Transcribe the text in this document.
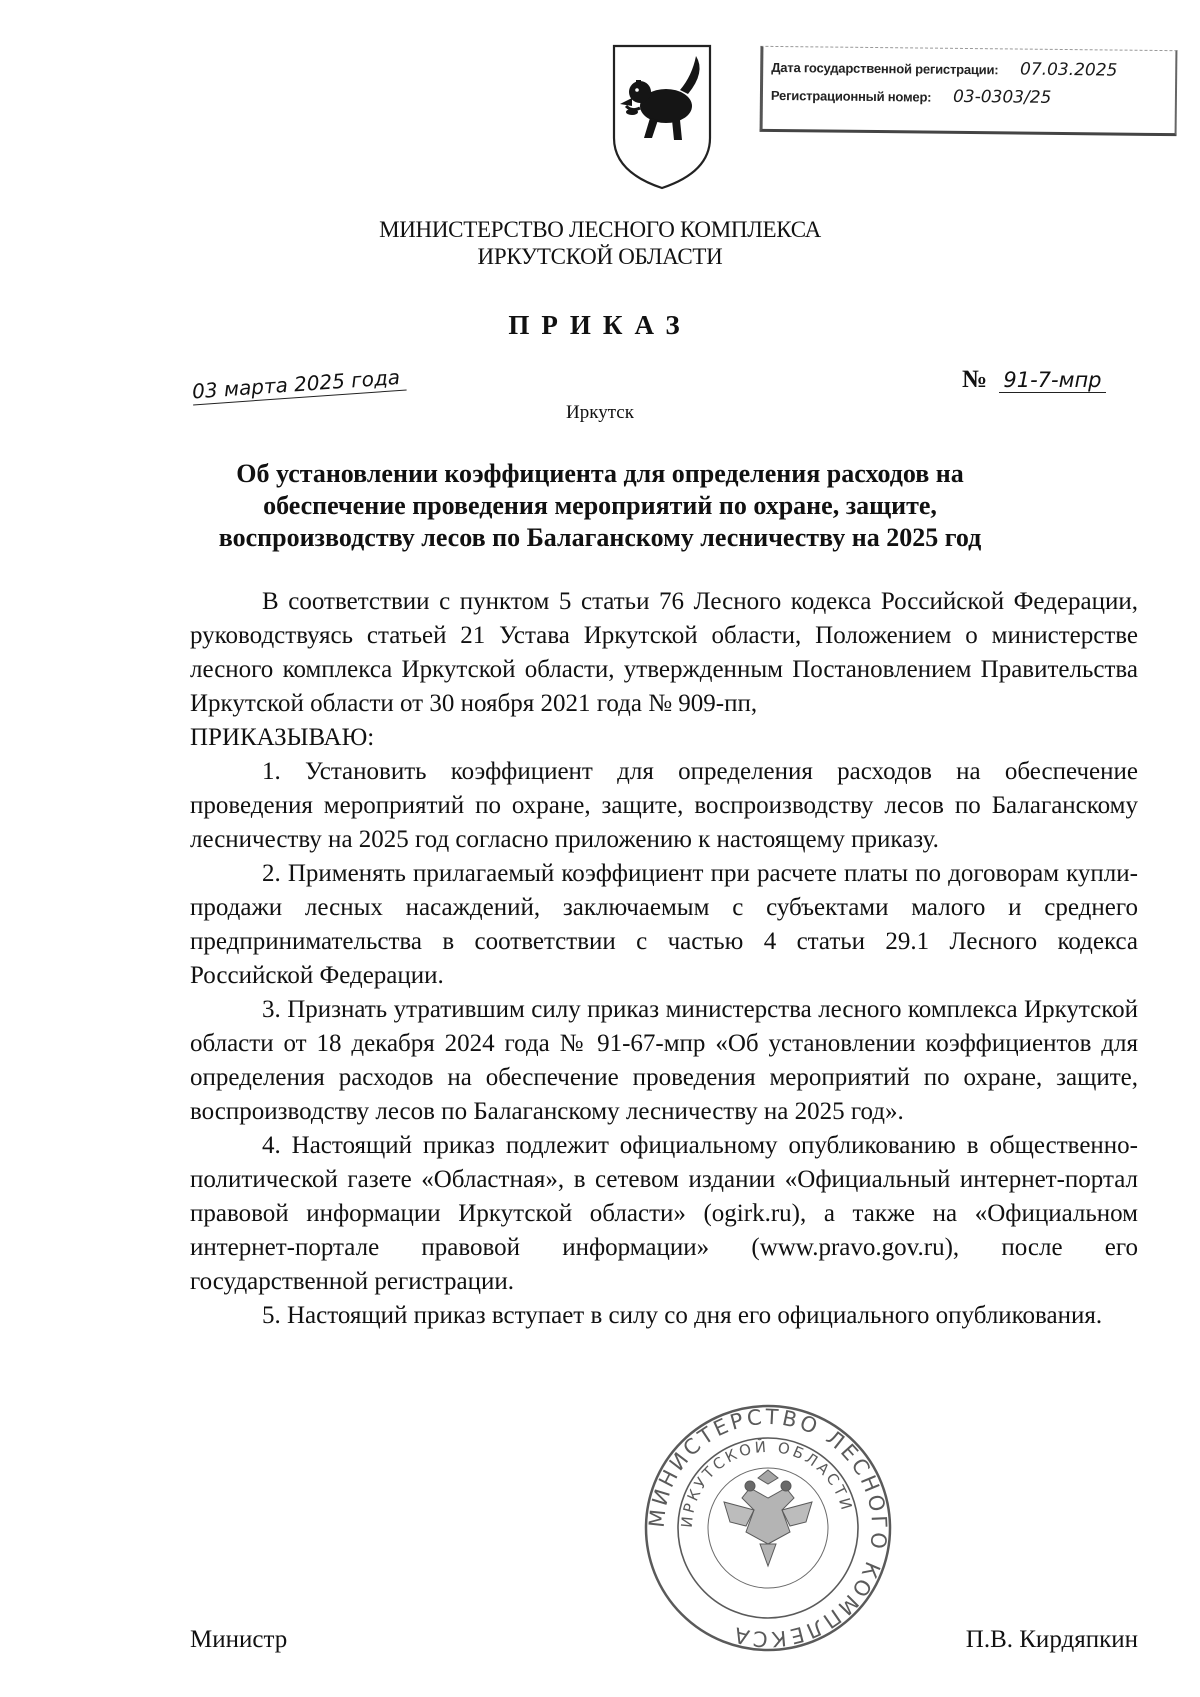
Дата государственной регистрации: 07.03.2025
Регистрационный номер: 03-0303/25
МИНИСТЕРСТВО ЛЕСНОГО КОМПЛЕКСА
ИРКУТСКОЙ ОБЛАСТИ
ПРИКАЗ
03 марта 2025 года
Иркутск
№ 91-7-мпр
Об установлении коэффициента для определения расходов на
обеспечение проведения мероприятий по охране, защите,
воспроизводству лесов по Балаганскому лесничеству на 2025 год

В соответствии с пунктом 5 статьи 76 Лесного кодекса Российской Федерации, руководствуясь статьей 21 Устава Иркутской области, Положением о министерстве лесного комплекса Иркутской области, утвержденным Постановлением Правительства Иркутской области от 30 ноября 2021 года № 909-пп,

ПРИКАЗЫВАЮ:

1. Установить коэффициент для определения расходов на обеспечение проведения мероприятий по охране, защите, воспроизводству лесов по Балаганскому лесничеству на 2025 год согласно приложению к настоящему приказу.

2. Применять прилагаемый коэффициент при расчете платы по договорам купли-продажи лесных насаждений, заключаемым с субъектами малого и среднего предпринимательства в соответствии с частью 4 статьи 29.1 Лесного кодекса Российской Федерации.

3. Признать утратившим силу приказ министерства лесного комплекса Иркутской области от 18 декабря 2024 года № 91-67-мпр «Об установлении коэффициентов для определения расходов на обеспечение проведения мероприятий по охране, защите, воспроизводству лесов по Балаганскому лесничеству на 2025 год».

4. Настоящий приказ подлежит официальному опубликованию в общественно-политической газете «Областная», в сетевом издании «Официальный интернет-портал правовой информации Иркутской области» (ogirk.ru), а также на «Официальном интернет-портале правовой информации» (www.pravo.gov.ru), после его государственной регистрации.

5. Настоящий приказ вступает в силу со дня его официального опубликования.

МИНИСТЕРСТВО ЛЕСНОГО КОМПЛЕКСА
ИРКУТСКОЙ ОБЛАСТИ
Министр	П.В. Кирдяпкин
